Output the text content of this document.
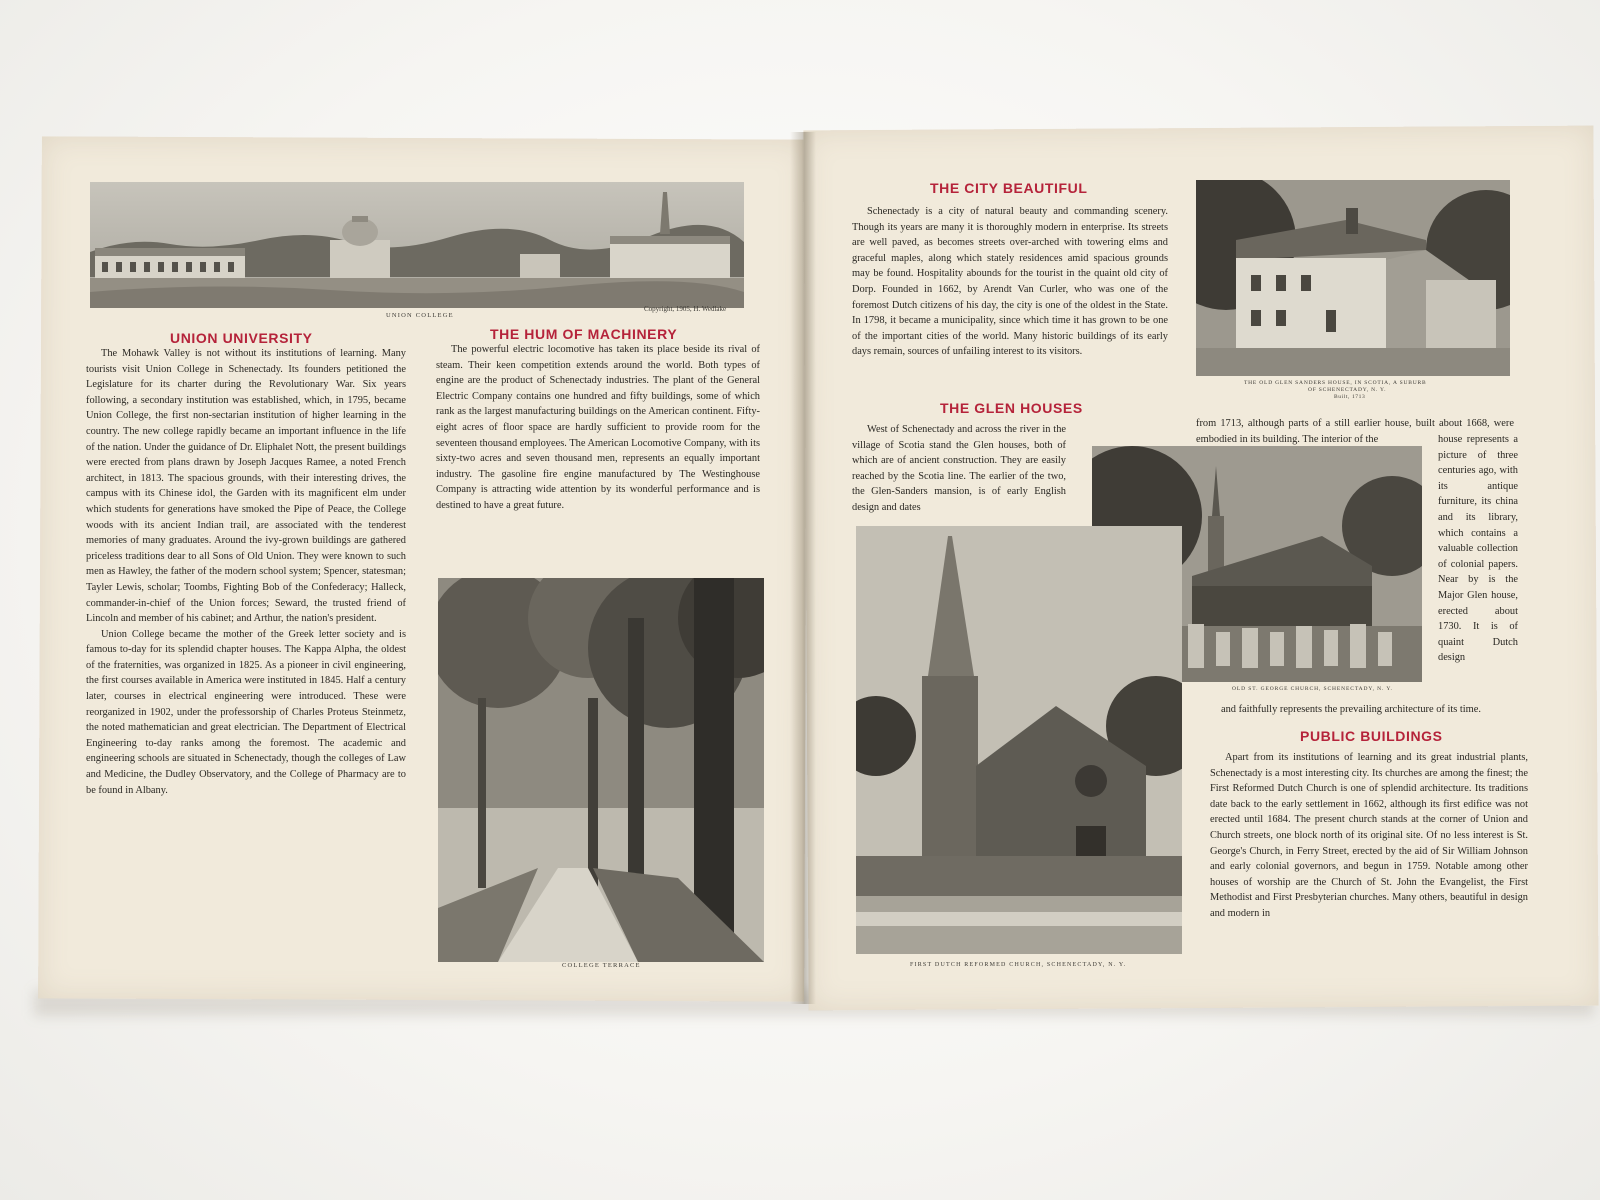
UNION COLLEGE
Copyright, 1905, H. Wedlake
UNION UNIVERSITY

The Mohawk Valley is not without its institutions of learning. Many tourists visit Union College in Schenectady. Its founders petitioned the Legislature for its charter during the Revolutionary War. Six years following, a secondary institution was established, which, in 1795, became Union College, the first non-sectarian institution of higher learning in the country. The new college rapidly became an important influence in the life of the nation. Under the guidance of Dr. Eliphalet Nott, the present buildings were erected from plans drawn by Joseph Jacques Ramee, a noted French architect, in 1813. The spacious grounds, with their interesting drives, the campus with its Chinese idol, the Garden with its magnificent elm under which students for generations have smoked the Pipe of Peace, the College woods with its ancient Indian trail, are associated with the tenderest memories of many graduates. Around the ivy-grown buildings are gathered priceless traditions dear to all Sons of Old Union. They were known to such men as Hawley, the father of the modern school system; Spencer, statesman; Tayler Lewis, scholar; Toombs, Fighting Bob of the Confederacy; Halleck, commander-in-chief of the Union forces; Seward, the trusted friend of Lincoln and member of his cabinet; and Arthur, the nation's president.

Union College became the mother of the Greek letter society and is famous to-day for its splendid chapter houses. The Kappa Alpha, the oldest of the fraternities, was organized in 1825. As a pioneer in civil engineering, the first courses available in America were instituted in 1845. Half a century later, courses in electrical engineering were introduced. These were reorganized in 1902, under the professorship of Charles Proteus Steinmetz, the noted mathematician and great electrician. The Department of Electrical Engineering to-day ranks among the foremost. The academic and engineering schools are situated in Schenectady, though the colleges of Law and Medicine, the Dudley Observatory, and the College of Pharmacy are to be found in Albany.

THE HUM OF MACHINERY

The powerful electric locomotive has taken its place beside its rival of steam. Their keen competition extends around the world. Both types of engine are the product of Schenectady industries. The plant of the General Electric Company contains one hundred and fifty buildings, some of which rank as the largest manufacturing buildings on the American continent. Fifty-eight acres of floor space are hardly sufficient to provide room for the seventeen thousand employees. The American Locomotive Company, with its sixty-two acres and seven thousand men, represents an equally important industry. The gasoline fire engine manufactured by The Westinghouse Company is attracting wide attention by its wonderful performance and is destined to have a great future.

COLLEGE TERRACE
THE CITY BEAUTIFUL

Schenectady is a city of natural beauty and commanding scenery. Though its years are many it is thoroughly modern in enterprise. Its streets are well paved, as becomes streets over-arched with towering elms and graceful maples, along which stately residences amid spacious grounds may be found. Hospitality abounds for the tourist in the quaint old city of Dorp. Founded in 1662, by Arendt Van Curler, who was one of the foremost Dutch citizens of his day, the city is one of the oldest in the State. In 1798, it became a municipality, since which time it has grown to be one of the important cities of the world. Many historic buildings of its early days remain, sources of unfailing interest to its visitors.

THE OLD GLEN SANDERS HOUSE, IN SCOTIA, A SUBURB
OF SCHENECTADY, N. Y.
Built, 1713
THE GLEN HOUSES

West of Schenectady and across the river in the village of Scotia stand the Glen houses, both of which are of ancient construction. They are easily reached by the Scotia line. The earlier of the two, the Glen-Sanders mansion, is of early English design and dates

from 1713, although parts of a still earlier house, built about 1668, were embodied in its building. The interior of the

OLD ST. GEORGE CHURCH, SCHENECTADY, N. Y.

house represents a picture of three centuries ago, with its antique furniture, its china and its library, which contains a valuable collection of colonial papers. Near by is the Major Glen house, erected about 1730. It is of quaint Dutch design

and faithfully represents the prevailing architecture of its time.

FIRST DUTCH REFORMED CHURCH, SCHENECTADY, N. Y.
PUBLIC BUILDINGS

Apart from its institutions of learning and its great industrial plants, Schenectady is a most interesting city. Its churches are among the finest; the First Reformed Dutch Church is one of splendid architecture. Its traditions date back to the early settlement in 1662, although its first edifice was not erected until 1684. The present church stands at the corner of Union and Church streets, one block north of its original site. Of no less interest is St. George's Church, in Ferry Street, erected by the aid of Sir William Johnson and early colonial governors, and begun in 1759. Notable among other houses of worship are the Church of St. John the Evangelist, the First Methodist and First Presbyterian churches. Many others, beautiful in design and modern in
